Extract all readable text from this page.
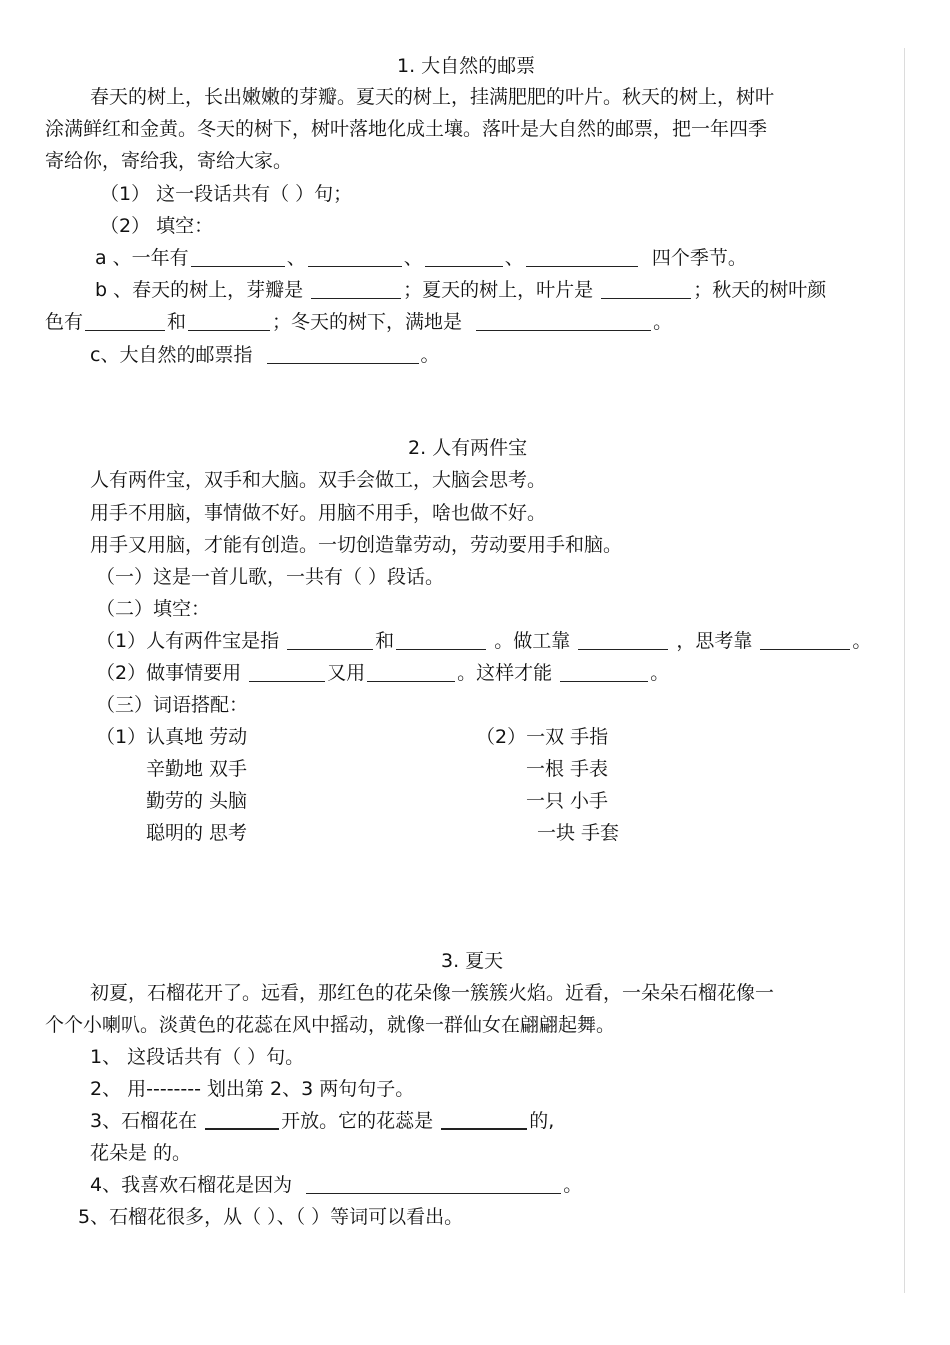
1. 大自然的邮票
春天的树上，长出嫩嫩的芽瓣。夏天的树上，挂满肥肥的叶片。秋天的树上，树叶
涂满鲜红和金黄。冬天的树下，树叶落地化成土壤。落叶是大自然的邮票，把一年四季
寄给你，寄给我，寄给大家。
（1） 这一段话共有（ ）句；
（2） 填空：
a 、一年有	、	、	、	四个季节。
b 、春天的树上，芽瓣是	；夏天的树上，叶片是	；秋天的树叶颜
色有	和	；冬天的树下，满地是	。
c、大自然的邮票指	。
2. 人有两件宝
人有两件宝，双手和大脑。双手会做工，大脑会思考。
用手不用脑，事情做不好。用脑不用手，啥也做不好。
用手又用脑，才能有创造。一切创造靠劳动，劳动要用手和脑。
（一）这是一首儿歌，一共有（ ）段话。
（二）填空：
（1）人有两件宝是指	和	。做工靠	，思考靠	。
（2）做事情要用	又用	。这样才能	。
（三）词语搭配：
（1）认真地 劳动
辛勤地 双手
勤劳的 头脑
聪明的 思考
（2）一双 手指
一根 手表
一只 小手
一块 手套
3. 夏天
初夏，石榴花开了。远看，那红色的花朵像一簇簇火焰。近看，一朵朵石榴花像一
个个小喇叭。淡黄色的花蕊在风中摇动，就像一群仙女在翩翩起舞。
1、 这段话共有（ ）句。
2、 用-------- 划出第 2、3 两句句子。
3、石榴花在	开放。它的花蕊是	的,
花朵是 的。
4、我喜欢石榴花是因为	。
5、石榴花很多，从（ ）、（ ）等词可以看出。
